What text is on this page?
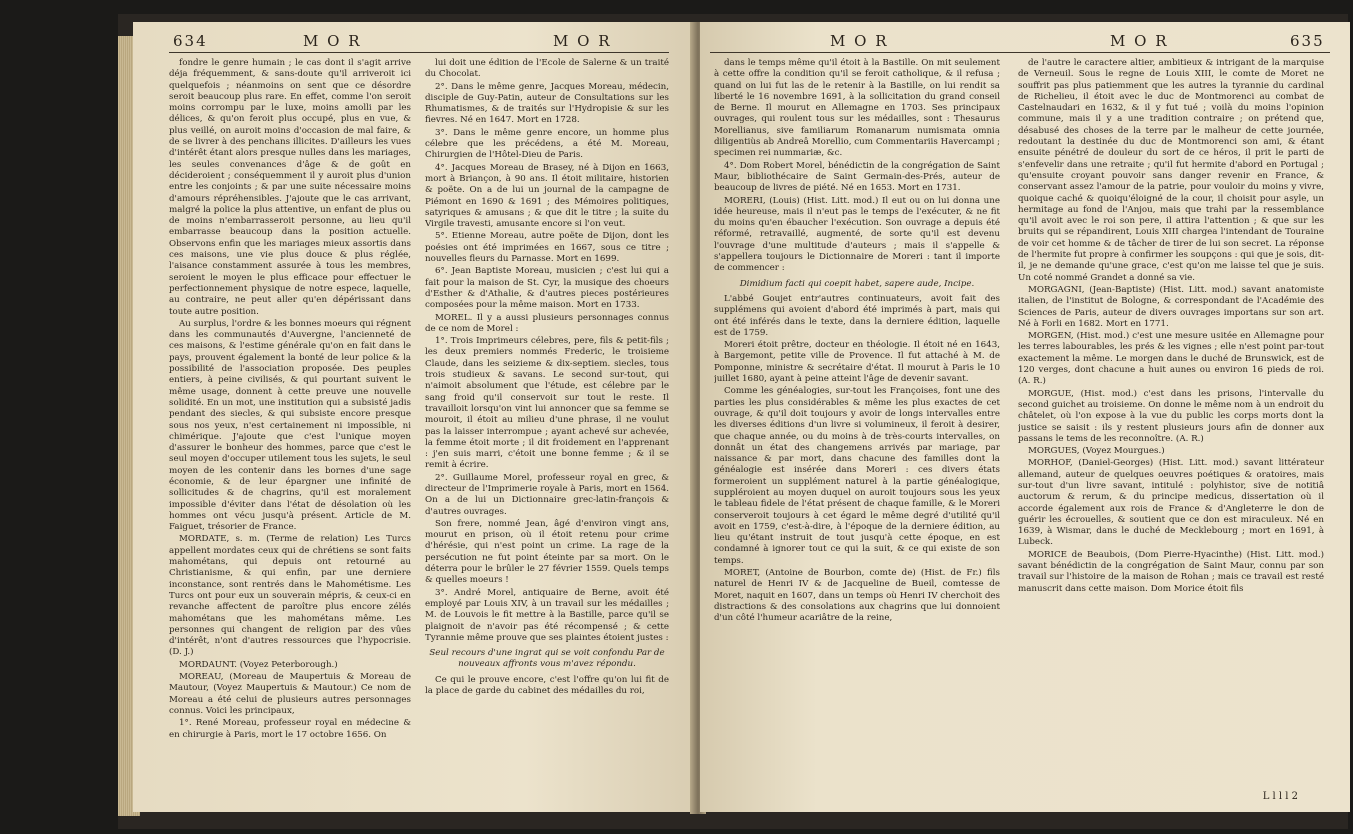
634	M O R	M O R

fondre le genre humain ; le cas dont il s'agit arrive déja fréquemment, & sans-doute qu'il arriveroit ici quelquefois ; néanmoins on sent que ce désordre seroit beaucoup plus rare. En effet, comme l'on seroit moins corrompu par le luxe, moins amolli par les délices, & qu'on feroit plus occupé, plus en vue, & plus veillé, on auroit moins d'occasion de mal faire, & de se livrer à des penchans illicites. D'ailleurs les vues d'intérêt étant alors presque nulles dans les mariages, les seules convenances d'âge & de goût en décideroient ; conséquemment il y auroit plus d'union entre les conjoints ; & par une suite nécessaire moins d'amours répréhensibles. J'ajoute que le cas arrivant, malgré la police la plus attentive, un enfant de plus ou de moins n'embarrasseroit personne, au lieu qu'il embarrasse beaucoup dans la position actuelle. Observons enfin que les mariages mieux assortis dans ces maisons, une vie plus douce & plus réglée, l'aisance constamment assurée à tous les membres, seroient le moyen le plus efficace pour effectuer le perfectionnement physique de notre espece, laquelle, au contraire, ne peut aller qu'en dépérissant dans toute autre position.

Au surplus, l'ordre & les bonnes moeurs qui régnent dans les communautés d'Auvergne, l'ancienneté de ces maisons, & l'estime générale qu'on en fait dans le pays, prouvent également la bonté de leur police & la possibilité de l'association proposée. Des peuples entiers, à peine civilisés, & qui pourtant suivent le même usage, donnent à cette preuve une nouvelle solidité. En un mot, une institution qui a subsisté jadis pendant des siecles, & qui subsiste encore presque sous nos yeux, n'est certainement ni impossible, ni chimérique. J'ajoute que c'est l'unique moyen d'assurer le bonheur des hommes, parce que c'est le seul moyen d'occuper utilement tous les sujets, le seul moyen de les contenir dans les bornes d'une sage économie, & de leur épargner une infinité de sollicitudes & de chagrins, qu'il est moralement impossible d'éviter dans l'état de désolation où les hommes ont vécu jusqu'à présent. Article de M. Faiguet, trésorier de France.

MORDATE, s. m. (Terme de relation) Les Turcs appellent mordates ceux qui de chrétiens se sont faits mahométans, qui depuis ont retourné au Christianisme, & qui enfin, par une derniere inconstance, sont rentrés dans le Mahométisme. Les Turcs ont pour eux un souverain mépris, & ceux-ci en revanche affectent de paroître plus encore zélés mahométans que les mahométans même. Les personnes qui changent de religion par des vûes d'intérêt, n'ont d'autres ressources que l'hypocrisie. (D. J.)

MORDAUNT. (Voyez Peterborough.)

MOREAU, (Moreau de Maupertuis & Moreau de Mautour, (Voyez Maupertuis & Mautour.) Ce nom de Moreau a été celui de plusieurs autres personnages connus. Voici les principaux,

1°. René Moreau, professeur royal en médecine & en chirurgie à Paris, mort le 17 octobre 1656. On

lui doit une édition de l'Ecole de Salerne & un traité du Chocolat.

2°. Dans le même genre, Jacques Moreau, médecin, disciple de Guy-Patin, auteur de Consultations sur les Rhumatismes, & de traités sur l'Hydropisie & sur les fievres. Né en 1647. Mort en 1728.

3°. Dans le même genre encore, un homme plus célebre que les précédens, a été M. Moreau, Chirurgien de l'Hôtel-Dieu de Paris.

4°. Jacques Moreau de Brasey, né à Dijon en 1663, mort à Briançon, à 90 ans. Il étoit militaire, historien & poëte. On a de lui un journal de la campagne de Piémont en 1690 & 1691 ; des Mémoires politiques, satyriques & amusans ; & que dit le titre ; la suite du Virgile travesti, amusante encore si l'on veut.

5°. Etienne Moreau, autre poëte de Dijon, dont les poésies ont été imprimées en 1667, sous ce titre ; nouvelles fleurs du Parnasse. Mort en 1699.

6°. Jean Baptiste Moreau, musicien ; c'est lui qui a fait pour la maison de St. Cyr, la musique des choeurs d'Esther & d'Athalie, & d'autres pieces postérieures composées pour la même maison. Mort en 1733.

MOREL. Il y a aussi plusieurs personnages connus de ce nom de Morel :

1°. Trois Imprimeurs célebres, pere, fils & petit-fils ; les deux premiers nommés Frederic, le troisieme Claude, dans les seizieme & dix-septiem. siecles, tous trois studieux & savans. Le second sur-tout, qui n'aimoit absolument que l'étude, est célebre par le sang froid qu'il conservoit sur tout le reste. Il travailloit lorsqu'on vint lui annoncer que sa femme se mouroit, il étoit au milieu d'une phrase, il ne voulut pas la laisser interrompue ; ayant achevé sur achevée, la femme étoit morte ; il dit froidement en l'apprenant : j'en suis marri, c'étoit une bonne femme ; & il se remit à écrire.

2°. Guillaume Morel, professeur royal en grec, & directeur de l'Imprimerie royale à Paris, mort en 1564. On a de lui un Dictionnaire grec-latin-françois & d'autres ouvrages.

Son frere, nommé Jean, âgé d'environ vingt ans, mourut en prison, où il étoit retenu pour crime d'hérésie, qui n'est point un crime. La rage de la persécution ne fut point éteinte par sa mort. On le déterra pour le brûler le 27 février 1559. Quels temps & quelles moeurs !

3°. André Morel, antiquaire de Berne, avoit été employé par Louis XIV, à un travail sur les médailles ; M. de Louvois le fit mettre à la Bastille, parce qu'il se plaignoit de n'avoir pas été récompensé ; & cette Tyrannie même prouve que ses plaintes étoient justes :

Seul recours d'une ingrat qui se voit confondu Par de nouveaux affronts vous m'avez répondu.

Ce qui le prouve encore, c'est l'offre qu'on lui fit de la place de garde du cabinet des médailles du roi,

M O R	M O R	635

dans le temps même qu'il étoit à la Bastille. On mit seulement à cette offre la condition qu'il se feroit catholique, & il refusa ; quand on lui fut las de le retenir à la Bastille, on lui rendit sa liberté le 16 novembre 1691, à la sollicitation du grand conseil de Berne. Il mourut en Allemagne en 1703. Ses principaux ouvrages, qui roulent tous sur les médailles, sont : Thesaurus Morellianus, sive familiarum Romanarum numismata omnia diligentiùs ab Andreâ Morellio, cum Commentariis Havercampi ; specimen rei nummariæ, &c.

4°. Dom Robert Morel, bénédictin de la congrégation de Saint Maur, bibliothécaire de Saint Germain-des-Prés, auteur de beaucoup de livres de piété. Né en 1653. Mort en 1731.

MORERI, (Louis) (Hist. Litt. mod.) Il eut ou on lui donna une idée heureuse, mais il n'eut pas le temps de l'exécuter, & ne fit du moins qu'en ébaucher l'exécution. Son ouvrage a depuis été réformé, retravaillé, augmenté, de sorte qu'il est devenu l'ouvrage d'une multitude d'auteurs ; mais il s'appelle & s'appellera toujours le Dictionnaire de Moreri : tant il importe de commencer :

Dimidium facti qui coepit habet, sapere aude, Incipe.

L'abbé Goujet entr'autres continuateurs, avoit fait des supplémens qui avoient d'abord été imprimés à part, mais qui ont été inférés dans le texte, dans la derniere édition, laquelle est de 1759.

Moreri étoit prêtre, docteur en théologie. Il étoit né en 1643, à Bargemont, petite ville de Provence. Il fut attaché à M. de Pomponne, ministre & secrétaire d'état. Il mourut à Paris le 10 juillet 1680, ayant à peine atteint l'âge de devenir savant.

Comme les généalogies, sur-tout les Françoises, font une des parties les plus considérables & même les plus exactes de cet ouvrage, & qu'il doit toujours y avoir de longs intervalles entre les diverses éditions d'un livre si volumineux, il feroit à desirer, que chaque année, ou du moins à de très-courts intervalles, on donnât un état des changemens arrivés par mariage, par naissance & par mort, dans chacune des familles dont la généalogie est insérée dans Moreri : ces divers états formeroient un supplément naturel à la partie généalogique, suppléroient au moyen duquel on auroit toujours sous les yeux le tableau fidele de l'état présent de chaque famille, & le Moreri conserveroit toujours à cet égard le même degré d'utilité qu'il avoit en 1759, c'est-à-dire, à l'époque de la derniere édition, au lieu qu'étant instruit de tout jusqu'à cette époque, en est condamné à ignorer tout ce qui la suit, & ce qui existe de son temps.

MORET, (Antoine de Bourbon, comte de) (Hist. de Fr.) fils naturel de Henri IV & de Jacqueline de Bueil, comtesse de Moret, naquit en 1607, dans un temps où Henri IV cherchoit des distractions & des consolations aux chagrins que lui donnoient d'un côté l'humeur acariâtre de la reine,

de l'autre le caractere altier, ambitieux & intrigant de la marquise de Verneuil. Sous le regne de Louis XIII, le comte de Moret ne souffrit pas plus patiemment que les autres la tyrannie du cardinal de Richelieu, il étoit avec le duc de Montmorenci au combat de Castelnaudari en 1632, & il y fut tué ; voilà du moins l'opinion commune, mais il y a une tradition contraire ; on prétend que, désabusé des choses de la terre par le malheur de cette journée, redoutant la destinée du duc de Montmorenci son ami, & étant ensuite pénétré de douleur du sort de ce héros, il prit le parti de s'enfevelir dans une retraite ; qu'il fut hermite d'abord en Portugal ; qu'ensuite croyant pouvoir sans danger revenir en France, & conservant assez l'amour de la patrie, pour vouloir du moins y vivre, quoique caché & quoiqu'éloigné de la cour, il choisit pour asyle, un hermitage au fond de l'Anjou, mais que trahi par la ressemblance qu'il avoit avec le roi son pere, il attira l'attention ; & que sur les bruits qui se répandirent, Louis XIII chargea l'intendant de Touraine de voir cet homme & de tâcher de tirer de lui son secret. La réponse de l'hermite fut propre à confirmer les soupçons : qui que je sois, dit-il, je ne demande qu'une grace, c'est qu'on me laisse tel que je suis. Un coté nommé Grandet a donné sa vie.

MORGAGNI, (Jean-Baptiste) (Hist. Litt. mod.) savant anatomiste italien, de l'institut de Bologne, & correspondant de l'Académie des Sciences de Paris, auteur de divers ouvrages importans sur son art. Né à Forli en 1682. Mort en 1771.

MORGEN, (Hist. mod.) c'est une mesure usitée en Allemagne pour les terres labourables, les prés & les vignes ; elle n'est point par-tout exactement la même. Le morgen dans le duché de Brunswick, est de 120 verges, dont chacune a huit aunes ou environ 16 pieds de roi. (A. R.)

MORGUE, (Hist. mod.) c'est dans les prisons, l'intervalle du second guichet au troisieme. On donne le même nom à un endroit du châtelet, où l'on expose à la vue du public les corps morts dont la justice se saisit : ils y restent plusieurs jours afin de donner aux passans le tems de les reconnoître. (A. R.)

MORGUES, (Voyez Mourgues.)

MORHOF, (Daniel-Georges) (Hist. Litt. mod.) savant littérateur allemand, auteur de quelques oeuvres poétiques & oratoires, mais sur-tout d'un livre savant, intitulé : polyhistor, sive de notitiâ auctorum & rerum, & du principe medicus, dissertation où il accorde également aux rois de France & d'Angleterre le don de guérir les écrouelles, & soutient que ce don est miraculeux. Né en 1639, à Wismar, dans le duché de Mecklebourg ; mort en 1691, à Lubeck.

MORICE de Beaubois, (Dom Pierre-Hyacinthe) (Hist. Litt. mod.) savant bénédictin de la congrégation de Saint Maur, connu par son travail sur l'histoire de la maison de Rohan ; mais ce travail est resté manuscrit dans cette maison. Dom Morice étoit fils

L l l l 2
